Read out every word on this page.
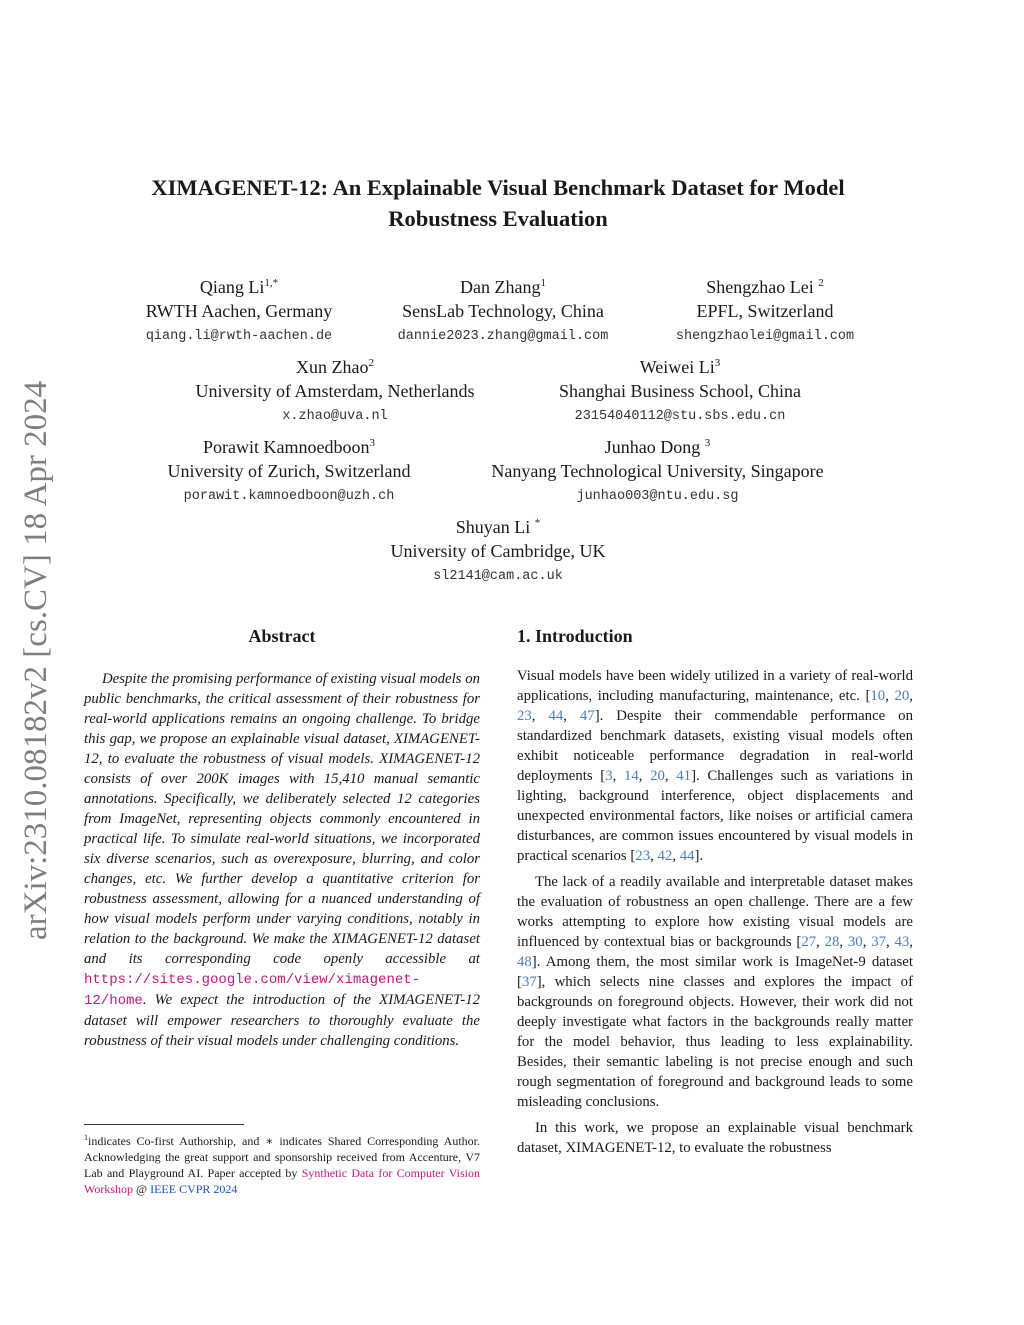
arXiv:2310.08182v2 [cs.CV] 18 Apr 2024
XIMAGENET-12: An Explainable Visual Benchmark Dataset for Model Robustness Evaluation
Qiang $Li^{1,*}$
RWTH Aachen, Germany
qiang.li@rwth-aachen.de
Dan Zhang$^1$
SensLab Technology, China
dannie2023.zhang@gmail.com
Shengzhao Lei $^2$
EPFL, Switzerland
shengzhaolei@gmail.com
Xun Zhao$^2$
University of Amsterdam, Netherlands
x.zhao@uva.nl
Weiwei Li$^3$
Shanghai Business School, China
23154040112@stu.sbs.edu.cn
Porawit Kamnoedboon$^3$
University of Zurich, Switzerland
porawit.kamnoedboon@uzh.ch
Junhao Dong $^3$
Nanyang Technological University, Singapore
junhao003@ntu.edu.sg
Shuyan Li *
University of Cambridge, UK
sl2141@cam.ac.uk
Abstract

Despite the promising performance of existing visual models on public benchmarks, the critical assessment of their robustness for real-world applications remains an ongoing challenge. To bridge this gap, we propose an explainable visual dataset, XIMAGENET-12, to evaluate the robustness of visual models. XIMAGENET-12 consists of over 200K images with 15,410 manual semantic annotations. Specifically, we deliberately selected 12 categories from ImageNet, representing objects commonly encountered in practical life. To simulate real-world situations, we incorporated six diverse scenarios, such as overexposure, blurring, and color changes, etc. We further develop a quantitative criterion for robustness assessment, allowing for a nuanced understanding of how visual models perform under varying conditions, notably in relation to the background. We make the XIMAGENET-12 dataset and its corresponding code openly accessible at https://sites.google.com/view/ximagenet-12/home. We expect the introduction of the XIMAGENET-12 dataset will empower researchers to thoroughly evaluate the robustness of their visual models under challenging conditions.

$^1$indicates Co-first Authorship, and ∗ indicates Shared Corresponding Author. Acknowledging the great support and sponsorship received from Accenture, V7 Lab and Playground AI. Paper accepted by Synthetic Data for Computer Vision Workshop @ IEEE CVPR 2024
1. Introduction

Visual models have been widely utilized in a variety of real-world applications, including manufacturing, maintenance, etc. [10, 20, 23, 44, 47]. Despite their commendable performance on standardized benchmark datasets, existing visual models often exhibit noticeable performance degradation in real-world deployments [3, 14, 20, 41]. Challenges such as variations in lighting, background interference, object displacements and unexpected environmental factors, like noises or artificial camera disturbances, are common issues encountered by visual models in practical scenarios [23, 42, 44].

The lack of a readily available and interpretable dataset makes the evaluation of robustness an open challenge. There are a few works attempting to explore how existing visual models are influenced by contextual bias or backgrounds [27, 28, 30, 37, 43, 48]. Among them, the most similar work is ImageNet-9 dataset [37], which selects nine classes and explores the impact of backgrounds on foreground objects. However, their work did not deeply investigate what factors in the backgrounds really matter for the model behavior, thus leading to less explainability. Besides, their semantic labeling is not precise enough and such rough segmentation of foreground and background leads to some misleading conclusions.

In this work, we propose an explainable visual benchmark dataset, XIMAGENET-12, to evaluate the robustness
